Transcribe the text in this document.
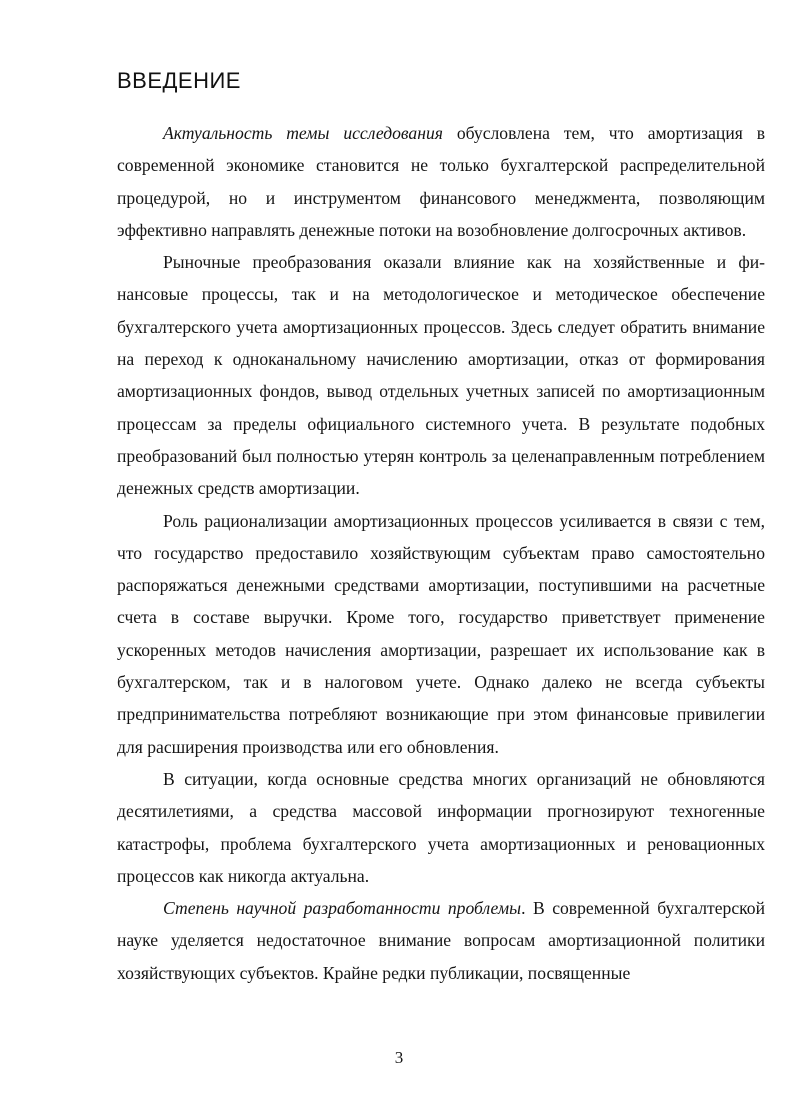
ВВЕДЕНИЕ

Актуальность темы исследования обусловлена тем, что амортизация в современной экономике становится не только бухгалтерской распределительной процедурой, но и инструментом финансового менеджмента, позволяющим эффективно направлять денежные потоки на возобновление долгосрочных активов.

Рыночные преобразования оказали влияние как на хозяйственные и финансовые процессы, так и на методологическое и методическое обеспечение бухгалтерского учета амортизационных процессов. Здесь следует обратить внимание на переход к одноканальному начислению амортизации, отказ от формирования амортизационных фондов, вывод отдельных учетных записей по амортизационным процессам за пределы официального системного учета. В результате подобных преобразований был полностью утерян контроль за целенаправленным потреблением денежных средств амортизации.

Роль рационализации амортизационных процессов усиливается в связи с тем, что государство предоставило хозяйствующим субъектам право самостоятельно распоряжаться денежными средствами амортизации, поступившими на расчетные счета в составе выручки. Кроме того, государство приветствует применение ускоренных методов начисления амортизации, разрешает их использование как в бухгалтерском, так и в налоговом учете. Однако далеко не всегда субъекты предпринимательства потребляют возникающие при этом финансовые привилегии для расширения производства или его обновления.

В ситуации, когда основные средства многих организаций не обновляются десятилетиями, а средства массовой информации прогнозируют техногенные катастрофы, проблема бухгалтерского учета амортизационных и реновационных процессов как никогда актуальна.

Степень научной разработанности проблемы. В современной бухгалтерской науке уделяется недостаточное внимание вопросам амортизационной политики хозяйствующих субъектов. Крайне редки публикации, посвященные

3
